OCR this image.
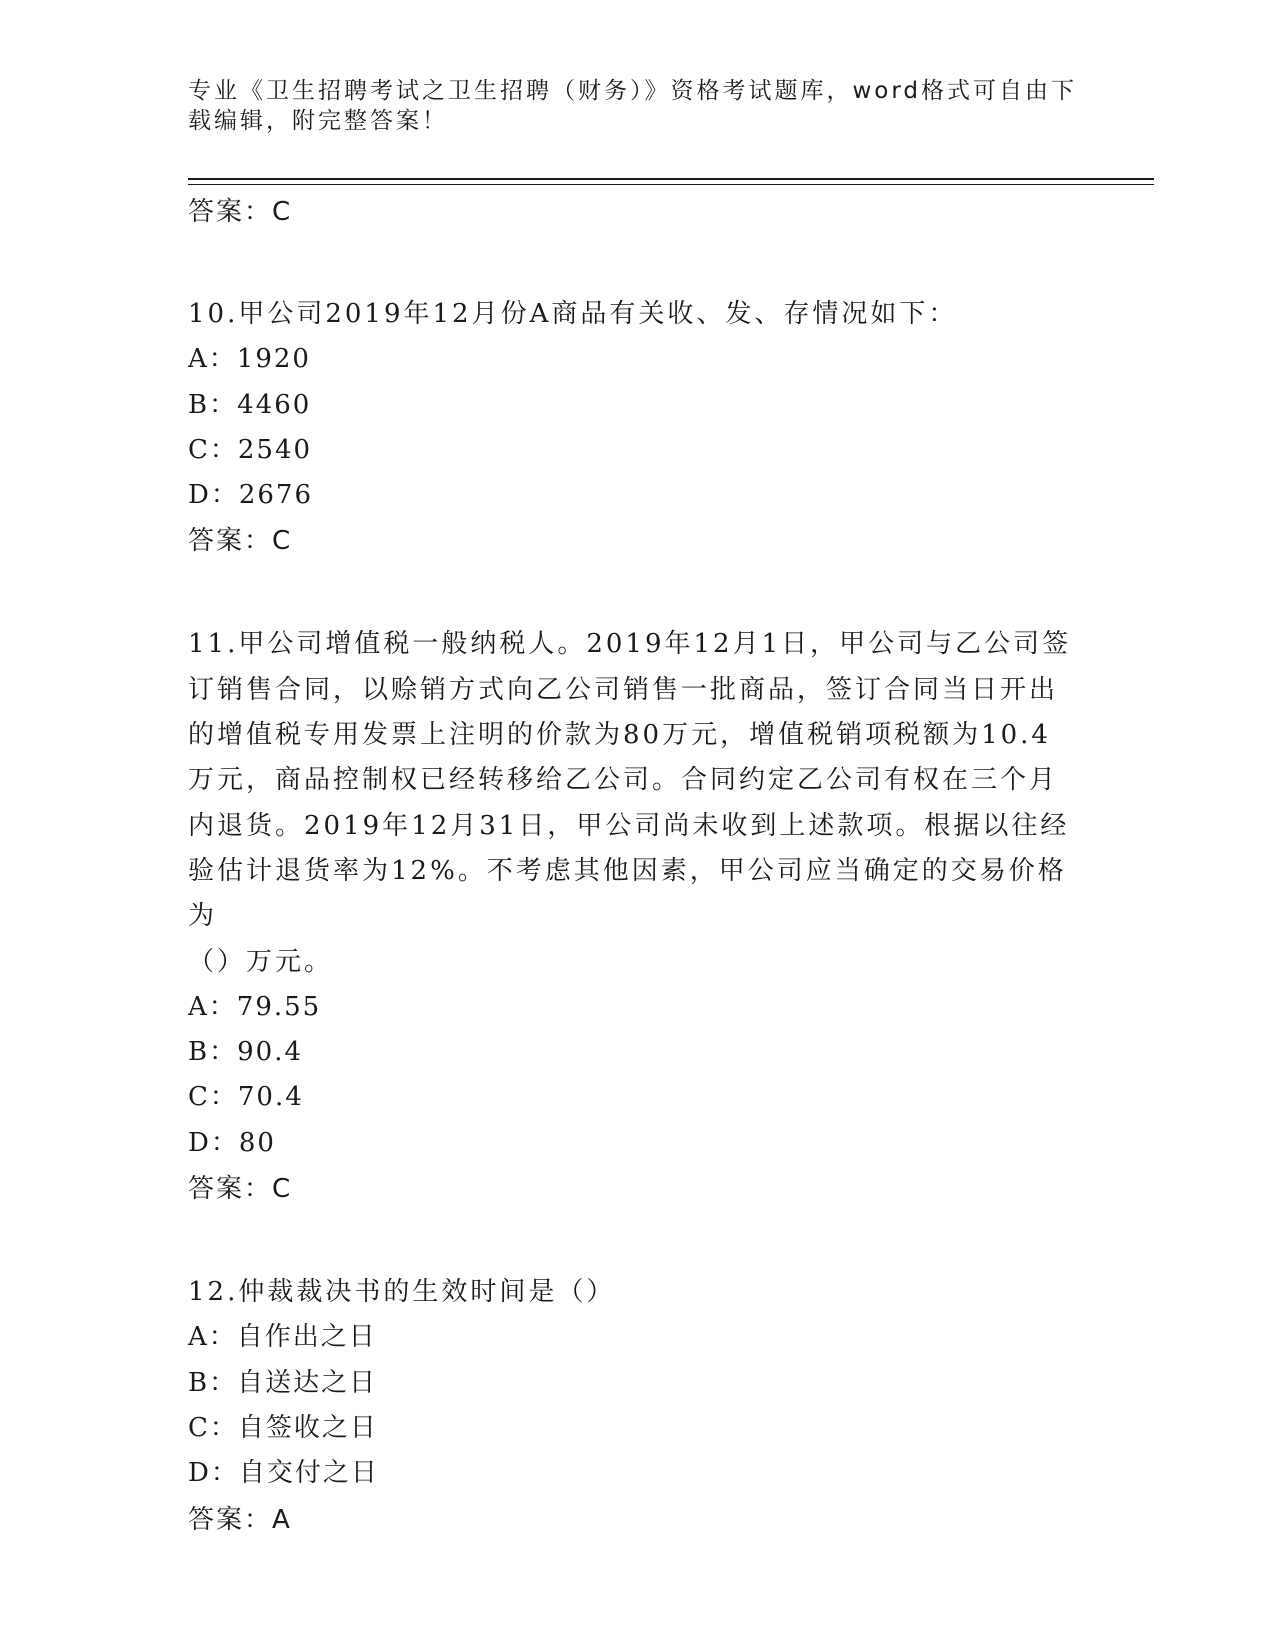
专业《卫生招聘考试之卫生招聘（财务）》资格考试题库，word格式可自由下载编辑，附完整答案！
答案：C
10.甲公司2019年12月份A商品有关收、发、存情况如下：
A：1920
B：4460
C：2540
D：2676
答案：C
11.甲公司增值税一般纳税人。2019年12月1日，甲公司与乙公司签
订销售合同，以赊销方式向乙公司销售一批商品，签订合同当日开出
的增值税专用发票上注明的价款为80万元，增值税销项税额为10.4
万元，商品控制权已经转移给乙公司。合同约定乙公司有权在三个月
内退货。2019年12月31日，甲公司尚未收到上述款项。根据以往经
验估计退货率为12%。不考虑其他因素，甲公司应当确定的交易价格为
（）万元。
A：79.55
B：90.4
C：70.4
D：80
答案：C
12.仲裁裁决书的生效时间是（）
A：自作出之日
B：自送达之日
C：自签收之日
D：自交付之日
答案：A
